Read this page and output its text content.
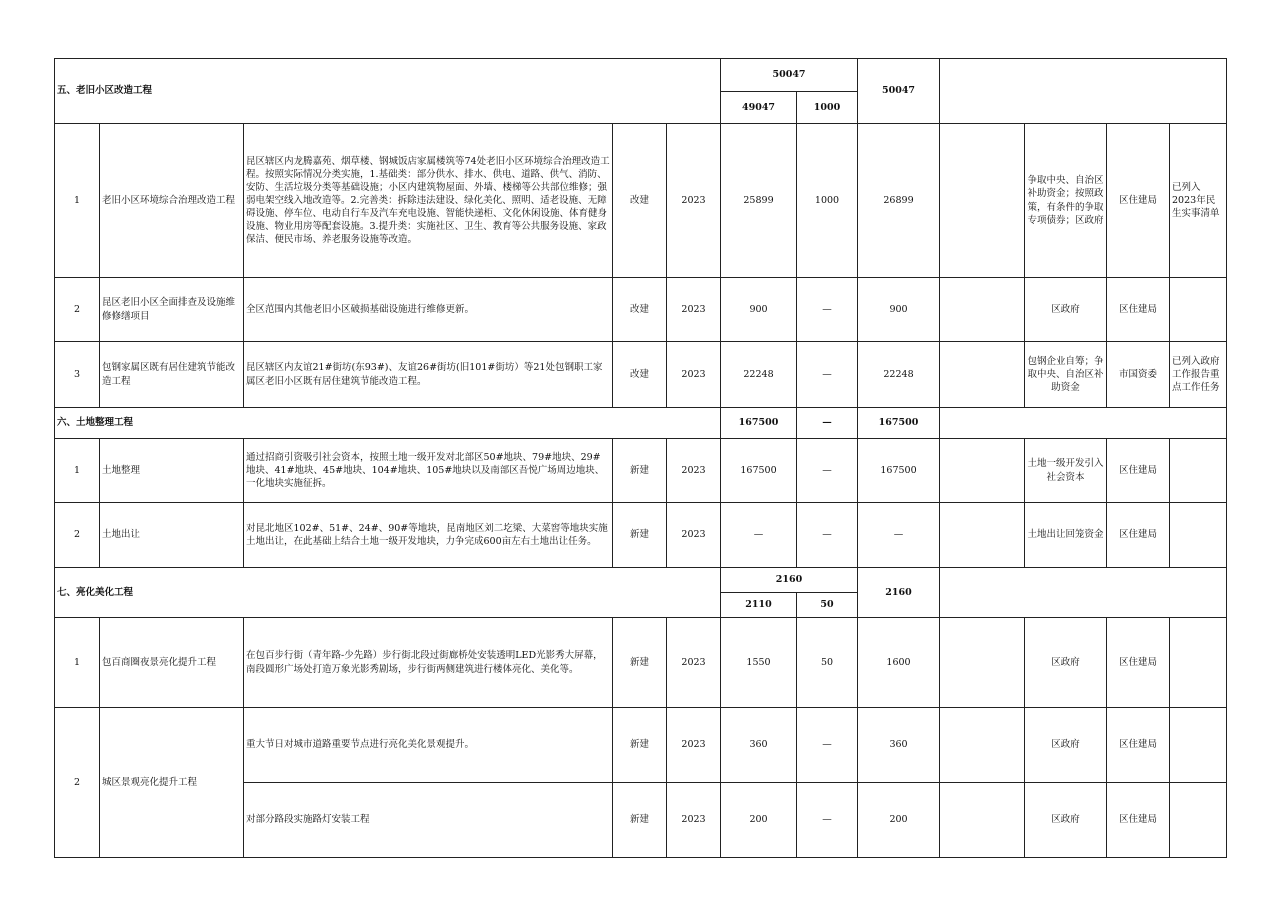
五、老旧小区改造工程					50047		50047				
					49047	1000					
1	老旧小区环境综合治理改造工程	昆区辖区内龙腾嘉苑、烟草楼、钢城饭店家属楼筑等74处老旧小区环境综合治理改造工程。按照实际情况分类实施，1.基础类：部分供水、排水、供电、道路、供气、消防、安防、生活垃圾分类等基础设施；小区内建筑物屋面、外墙、楼梯等公共部位维修；强弱电架空线入地改造等。2.完善类：拆除违法建设、绿化美化、照明、适老设施、无障碍设施、停车位、电动自行车及汽车充电设施、智能快递柜、文化休闲设施、体育健身设施、物业用房等配套设施。3.提升类：实施社区、卫生、教育等公共服务设施、家政保洁、便民市场、养老服务设施等改造。	改建	2023	25899	1000	26899		争取中央、自治区补助资金；按照政策，有条件的争取专项债券；区政府	区住建局	已列入2023年民生实事清单
2	昆区老旧小区全面排查及设施维修修缮项目	全区范围内其他老旧小区破损基础设施进行维修更新。	改建	2023	900	—	900		区政府	区住建局	
3	包钢家属区既有居住建筑节能改造工程	昆区辖区内友谊21#街坊(东93#)、友谊26#街坊(旧101#街坊）等21处包钢职工家属区老旧小区既有居住建筑节能改造工程。	改建	2023	22248	—	22248		包钢企业自筹；争取中央、自治区补助资金	市国资委	已列入政府工作报告重点工作任务
六、土地整理工程					167500	—	167500				
1	土地整理	通过招商引资吸引社会资本，按照土地一级开发对北部区50#地块、79#地块、29#地块、41#地块、45#地块、104#地块、105#地块以及南部区吾悦广场周边地块、一化地块实施征拆。	新建	2023	167500	—	167500		土地一级开发引入社会资本	区住建局	
2	土地出让	对昆北地区102#、51#、24#、90#等地块，昆南地区刘二圪梁、大菜窖等地块实施土地出让，在此基础上结合土地一级开发地块，力争完成600亩左右土地出让任务。	新建	2023	—	—	—		土地出让回笼资金	区住建局	
七、亮化美化工程					2160		2160				
					2110	50					
1	包百商圈夜景亮化提升工程	在包百步行街（青年路-少先路）步行街北段过街廊桥处安装透明LED光影秀大屏幕，南段圆形广场处打造万象光影秀剧场，步行街两侧建筑进行楼体亮化、美化等。	新建	2023	1550	50	1600		区政府	区住建局	
2	城区景观亮化提升工程	重大节日对城市道路重要节点进行亮化美化景观提升。	新建	2023	360	—	360		区政府	区住建局	
		对部分路段实施路灯安装工程	新建	2023	200	—	200		区政府	区住建局	
